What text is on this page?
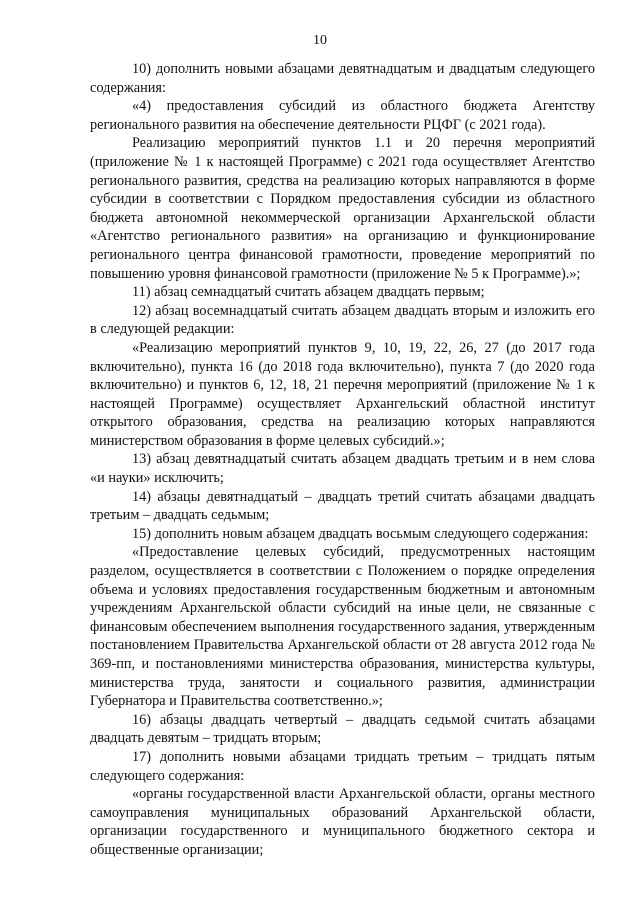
10

10) дополнить новыми абзацами девятнадцатым и двадцатым следующего содержания:

«4) предоставления субсидий из областного бюджета Агентству регионального развития на обеспечение деятельности РЦФГ (с 2021 года).

Реализацию мероприятий пунктов 1.1 и 20 перечня мероприятий (приложение № 1 к настоящей Программе) с 2021 года осуществляет Агентство регионального развития, средства на реализацию которых направляются в форме субсидии в соответствии с Порядком предоставления субсидии из областного бюджета автономной некоммерческой организации Архангельской области «Агентство регионального развития» на организацию и функционирование регионального центра финансовой грамотности, проведение мероприятий по повышению уровня финансовой грамотности (приложение № 5 к Программе).»;

11) абзац семнадцатый считать абзацем двадцать первым;

12) абзац восемнадцатый считать абзацем двадцать вторым и изложить его в следующей редакции:

«Реализацию мероприятий пунктов 9, 10, 19, 22, 26, 27 (до 2017 года включительно), пункта 16 (до 2018 года включительно), пункта 7 (до 2020 года включительно) и пунктов 6, 12, 18, 21 перечня мероприятий (приложение № 1 к настоящей Программе) осуществляет Архангельский областной институт открытого образования, средства на реализацию которых направляются министерством образования в форме целевых субсидий.»;

13) абзац девятнадцатый считать абзацем двадцать третьим и в нем слова «и науки» исключить;

14) абзацы девятнадцатый – двадцать третий считать абзацами двадцать третьим – двадцать седьмым;

15) дополнить новым абзацем двадцать восьмым следующего содержания:

«Предоставление целевых субсидий, предусмотренных настоящим разделом, осуществляется в соответствии с Положением о порядке определения объема и условиях предоставления государственным бюджетным и автономным учреждениям Архангельской области субсидий на иные цели, не связанные с финансовым обеспечением выполнения государственного задания, утвержденным постановлением Правительства Архангельской области от 28 августа 2012 года № 369-пп, и постановлениями министерства образования, министерства культуры, министерства труда, занятости и социального развития, администрации Губернатора и Правительства соответственно.»;

16) абзацы двадцать четвертый – двадцать седьмой считать абзацами двадцать девятым – тридцать вторым;

17) дополнить новыми абзацами тридцать третьим – тридцать пятым следующего содержания:

«органы государственной власти Архангельской области, органы местного самоуправления муниципальных образований Архангельской области, организации государственного и муниципального бюджетного сектора и общественные организации;
